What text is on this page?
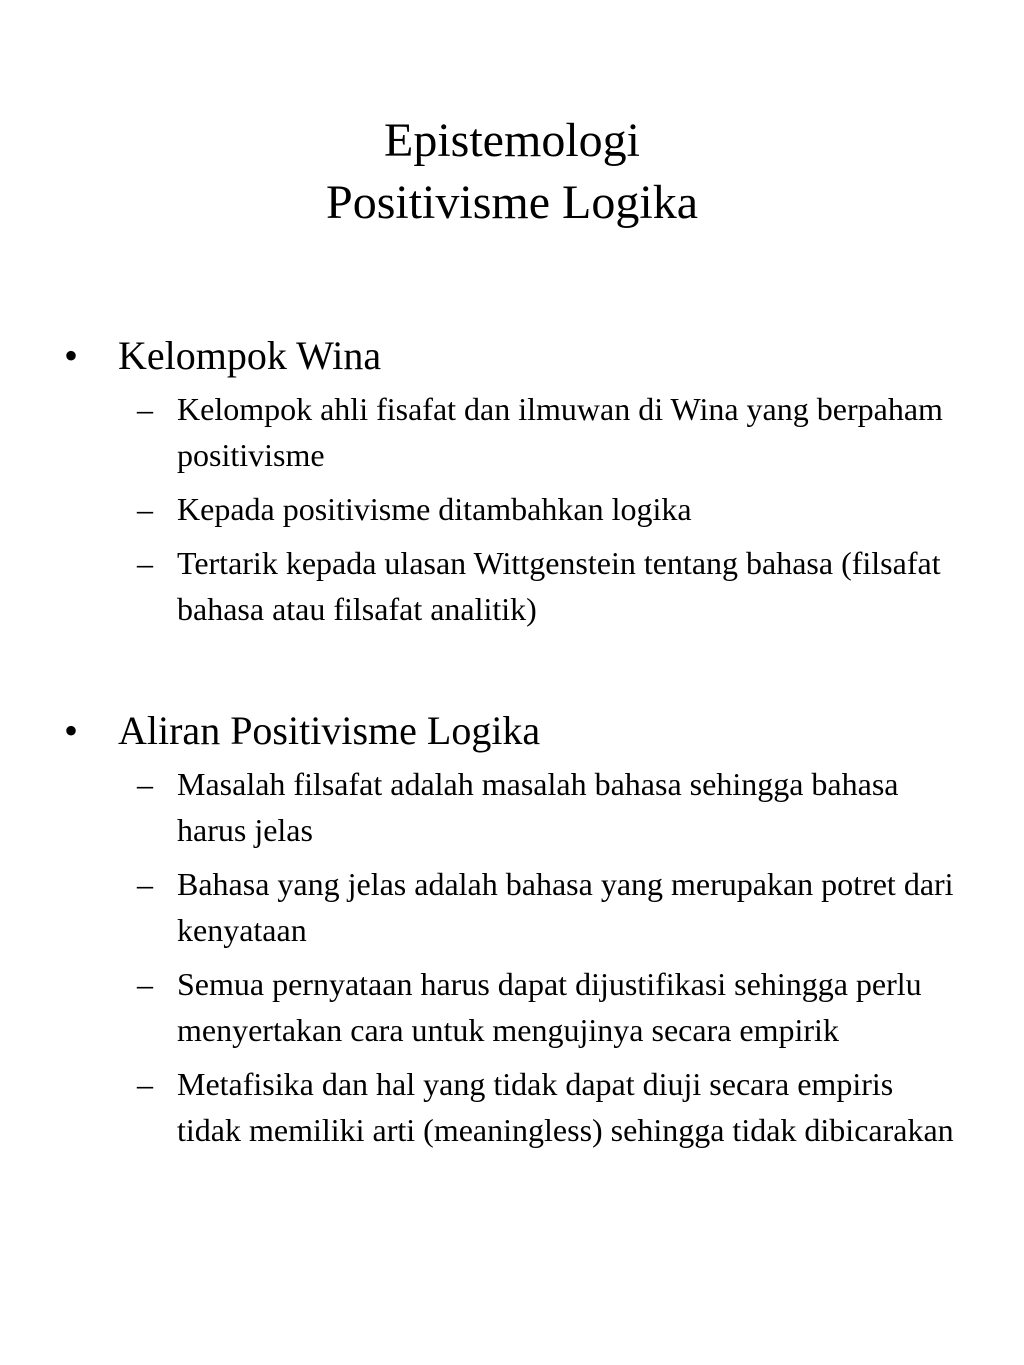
Epistemologi
Positivisme Logika
• Kelompok Wina
– Kelompok ahli fisafat dan ilmuwan di Wina yang berpaham positivisme
– Kepada positivisme ditambahkan logika
– Tertarik kepada ulasan Wittgenstein tentang bahasa (filsafat bahasa atau filsafat analitik)
• Aliran Positivisme Logika
– Masalah filsafat adalah masalah bahasa sehingga bahasa harus jelas
– Bahasa yang jelas adalah bahasa yang merupakan potret dari kenyataan
– Semua pernyataan harus dapat dijustifikasi sehingga perlu menyertakan cara untuk mengujinya secara empirik
– Metafisika dan hal yang tidak dapat diuji secara empiris tidak memiliki arti (meaningless) sehingga tidak dibicarakan
